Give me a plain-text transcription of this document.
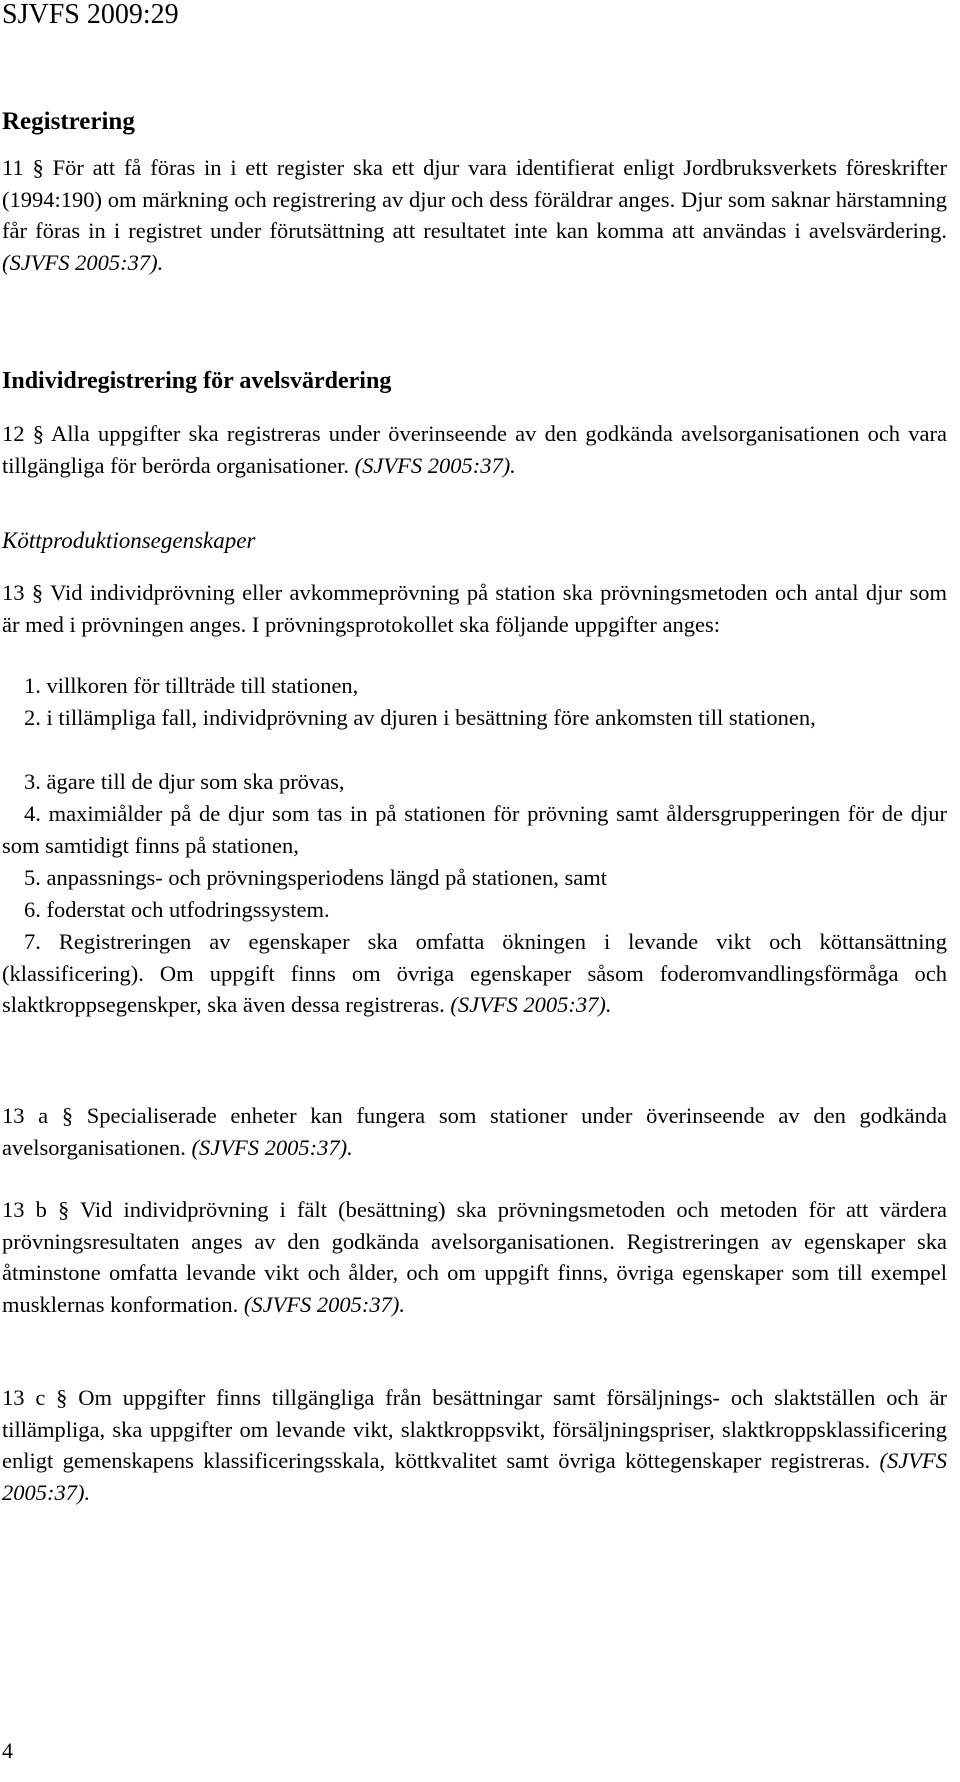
SJVFS 2009:29
Registrering
11 § För att få föras in i ett register ska ett djur vara identifierat enligt Jordbruksverkets föreskrifter (1994:190) om märkning och registrering av djur och dess föräldrar anges. Djur som saknar härstamning får föras in i registret under förutsättning att resultatet inte kan komma att användas i avelsvärdering. (SJVFS 2005:37).
Individregistrering för avelsvärdering
12 § Alla uppgifter ska registreras under överinseende av den godkända avelsorganisationen och vara tillgängliga för berörda organisationer. (SJVFS 2005:37).
Köttproduktionsegenskaper
13 § Vid individprövning eller avkommeprövning på station ska prövningsmetoden och antal djur som är med i prövningen anges. I prövningsprotokollet ska följande uppgifter anges:
1. villkoren för tillträde till stationen,
2. i tillämpliga fall, individprövning av djuren i besättning före ankomsten till stationen,
3. ägare till de djur som ska prövas,
4. maximiålder på de djur som tas in på stationen för prövning samt åldersgrupperingen för de djur som samtidigt finns på stationen,
5. anpassnings- och prövningsperiodens längd på stationen, samt
6. foderstat och utfodringssystem.
7. Registreringen av egenskaper ska omfatta ökningen i levande vikt och köttansättning (klassificering). Om uppgift finns om övriga egenskaper såsom foderomvandlingsförmåga och slaktkroppsegenskper, ska även dessa registreras. (SJVFS 2005:37).
13 a § Specialiserade enheter kan fungera som stationer under överinseende av den godkända avelsorganisationen. (SJVFS 2005:37).
13 b § Vid individprövning i fält (besättning) ska prövningsmetoden och metoden för att värdera prövningsresultaten anges av den godkända avelsorganisationen. Registreringen av egenskaper ska åtminstone omfatta levande vikt och ålder, och om uppgift finns, övriga egenskaper som till exempel musklernas konformation. (SJVFS 2005:37).
13 c § Om uppgifter finns tillgängliga från besättningar samt försäljnings- och slaktställen och är tillämpliga, ska uppgifter om levande vikt, slaktkroppsvikt, försäljningspriser, slaktkroppsklassificering enligt gemenskapens klassificeringsskala, köttkvalitet samt övriga köttegenskaper registreras. (SJVFS 2005:37).
4
